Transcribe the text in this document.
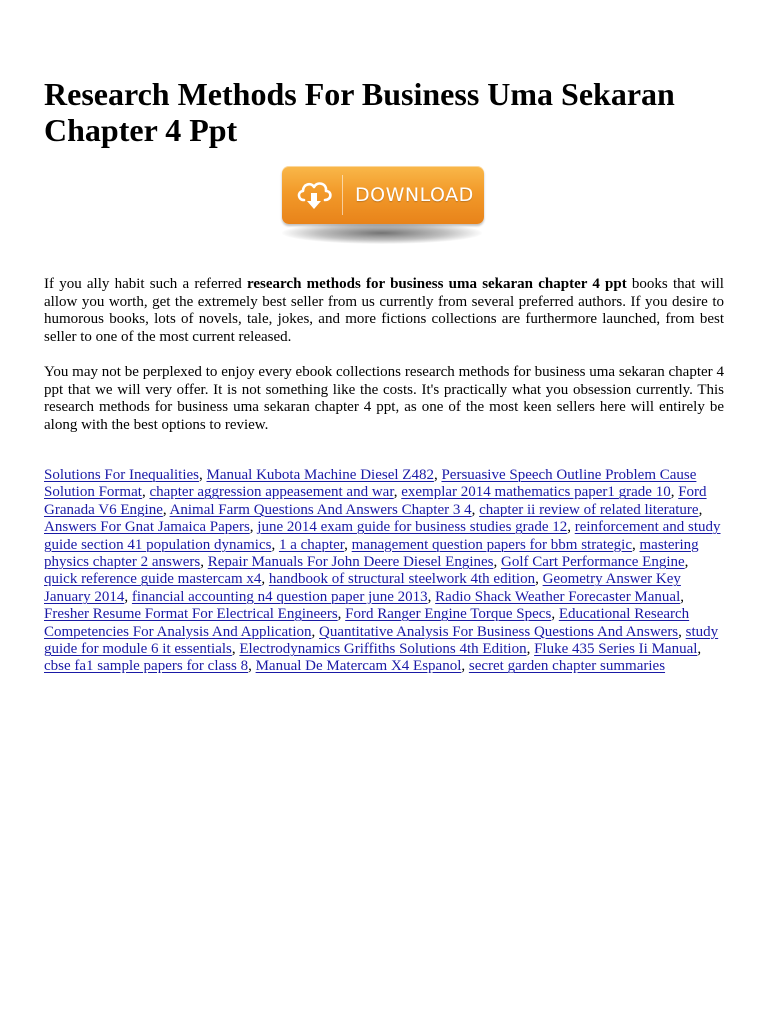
Research Methods For Business Uma Sekaran Chapter 4 Ppt
DOWNLOAD

If you ally habit such a referred research methods for business uma sekaran chapter 4 ppt books that will allow you worth, get the extremely best seller from us currently from several preferred authors. If you desire to humorous books, lots of novels, tale, jokes, and more fictions collections are furthermore launched, from best seller to one of the most current released.

You may not be perplexed to enjoy every ebook collections research methods for business uma sekaran chapter 4 ppt that we will very offer. It is not something like the costs. It's practically what you obsession currently. This research methods for business uma sekaran chapter 4 ppt, as one of the most keen sellers here will entirely be along with the best options to review.

Solutions For Inequalities, Manual Kubota Machine Diesel Z482, Persuasive Speech Outline Problem Cause Solution Format, chapter aggression appeasement and war, exemplar 2014 mathematics paper1 grade 10, Ford Granada V6 Engine, Animal Farm Questions And Answers Chapter 3 4, chapter ii review of related literature, Answers For Gnat Jamaica Papers, june 2014 exam guide for business studies grade 12, reinforcement and study guide section 41 population dynamics, 1 a chapter, management question papers for bbm strategic, mastering physics chapter 2 answers, Repair Manuals For John Deere Diesel Engines, Golf Cart Performance Engine, quick reference guide mastercam x4, handbook of structural steelwork 4th edition, Geometry Answer Key January 2014, financial accounting n4 question paper june 2013, Radio Shack Weather Forecaster Manual, Fresher Resume Format For Electrical Engineers, Ford Ranger Engine Torque Specs, Educational Research Competencies For Analysis And Application, Quantitative Analysis For Business Questions And Answers, study guide for module 6 it essentials, Electrodynamics Griffiths Solutions 4th Edition, Fluke 435 Series Ii Manual, cbse fa1 sample papers for class 8, Manual De Matercam X4 Espanol, secret garden chapter summaries
